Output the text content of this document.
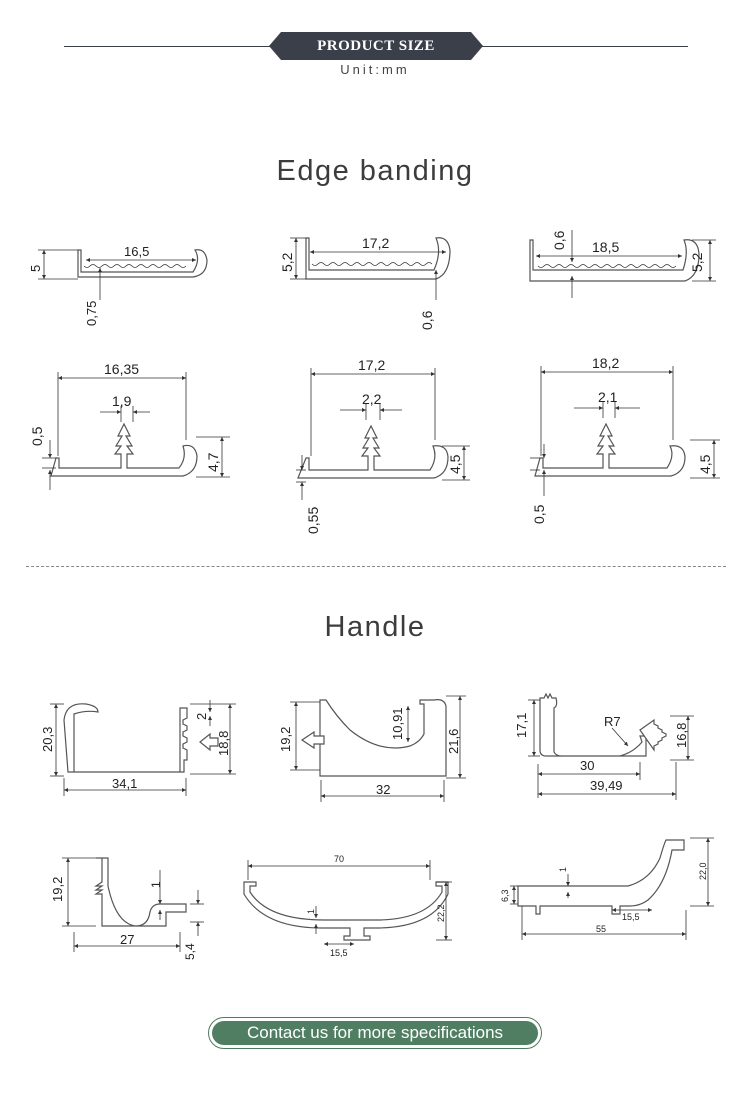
PRODUCT SIZE
Unit:mm
Edge banding
Handle
5
16,5
0,75
5,2
17,2
0,6
0,6 18,5
5,2
16,35
1,9
0,5
4,7
17,2
2,2
4,5
0,55
18,2
2,1
4,5
0,5
20,3
2
18,8
34,1
19,2	10,91
21,6
32
17,1	R7
16,8
30
39,49
19,2	1
27
5,4
70
1	22,2
15,5
1	22,0
6,3
15,5
55
Contact us for more specifications
